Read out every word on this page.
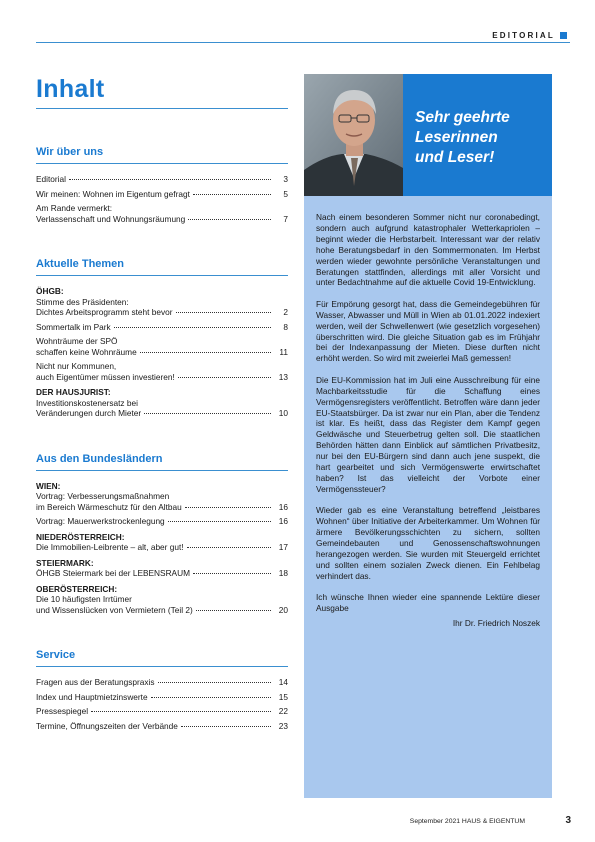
EDITORIAL
Inhalt
Wir über uns
Editorial	3
Wir meinen: Wohnen im Eigentum gefragt	5
Am Rande vermerkt:
Verlassenschaft und Wohnungsräumung	7
Aktuelle Themen
ÖHGB:
Stimme des Präsidenten:
Dichtes Arbeitsprogramm steht bevor	2
Sommertalk im Park	8
Wohnträume der SPÖ
schaffen keine Wohnräume	11
Nicht nur Kommunen,
auch Eigentümer müssen investieren!	13
DER HAUSJURIST:
Investitionskostenersatz bei
Veränderungen durch Mieter	10
Aus den Bundesländern
WIEN:
Vortrag: Verbesserungsmaßnahmen
im Bereich Wärmeschutz für den Altbau	16
Vortrag: Mauerwerkstrockenlegung	16
NIEDERÖSTERREICH:
Die Immobilien-Leibrente – alt, aber gut!	17
STEIERMARK:
ÖHGB Steiermark bei der LEBENSRAUM	18
OBERÖSTERREICH:
Die 10 häufigsten Irrtümer
und Wissenslücken von Vermietern (Teil 2)	20
Service
Fragen aus der Beratungspraxis	14
Index und Hauptmietzinswerte	15
Pressespiegel	22
Termine, Öffnungszeiten der Verbände	23
Sehr geehrte
Leserinnen
und Leser!

Nach einem besonderen Sommer nicht nur coronabedingt, sondern auch aufgrund katastrophaler Wetterkapriolen – beginnt wieder die Herbstarbeit. Interessant war der relativ hohe Beratungsbedarf in den Sommermonaten. Im Herbst werden wieder gewohnte persönliche Veranstaltungen und Beratungen stattfinden, allerdings mit aller Vorsicht und unter Bedachtnahme auf die aktuelle Covid 19-Entwicklung.

Für Empörung gesorgt hat, dass die Gemeindegebühren für Wasser, Abwasser und Müll in Wien ab 01.01.2022 indexiert werden, weil der Schwellenwert (wie gesetzlich vorgesehen) überschritten wird. Die gleiche Situation gab es im Frühjahr bei der Indexanpassung der Mieten. Diese durften nicht erhöht werden. So wird mit zweierlei Maß gemessen!

Die EU-Kommission hat im Juli eine Ausschreibung für eine Machbarkeitsstudie für die Schaffung eines Vermögensregisters veröffentlicht. Betroffen wäre dann jeder EU-Staatsbürger. Da ist zwar nur ein Plan, aber die Tendenz ist klar. Es heißt, dass das Register dem Kampf gegen Geldwäsche und Steuerbetrug gelten soll. Die staatlichen Behörden hätten dann Einblick auf sämtlichen Privatbesitz, nur bei den EU-Bürgern sind dann auch jene suspekt, die hart gearbeitet und sich Vermögenswerte erwirtschaftet haben? Ist das vielleicht der Vorbote einer Vermögenssteuer?

Wieder gab es eine Veranstaltung betreffend „leistbares Wohnen“ über Initiative der Arbeiterkammer. Um Wohnen für ärmere Bevölkerungsschichten zu sichern, sollten Gemeindebauten und Genossenschaftswohnungen herangezogen werden. Sie wurden mit Steuergeld errichtet und sollten einem sozialen Zweck dienen. Ein Fehlbelag verhindert das.

Ich wünsche Ihnen wieder eine spannende Lektüre dieser Ausgabe

Ihr Dr. Friedrich Noszek
September 2021 HAUS & EIGENTUM	3
